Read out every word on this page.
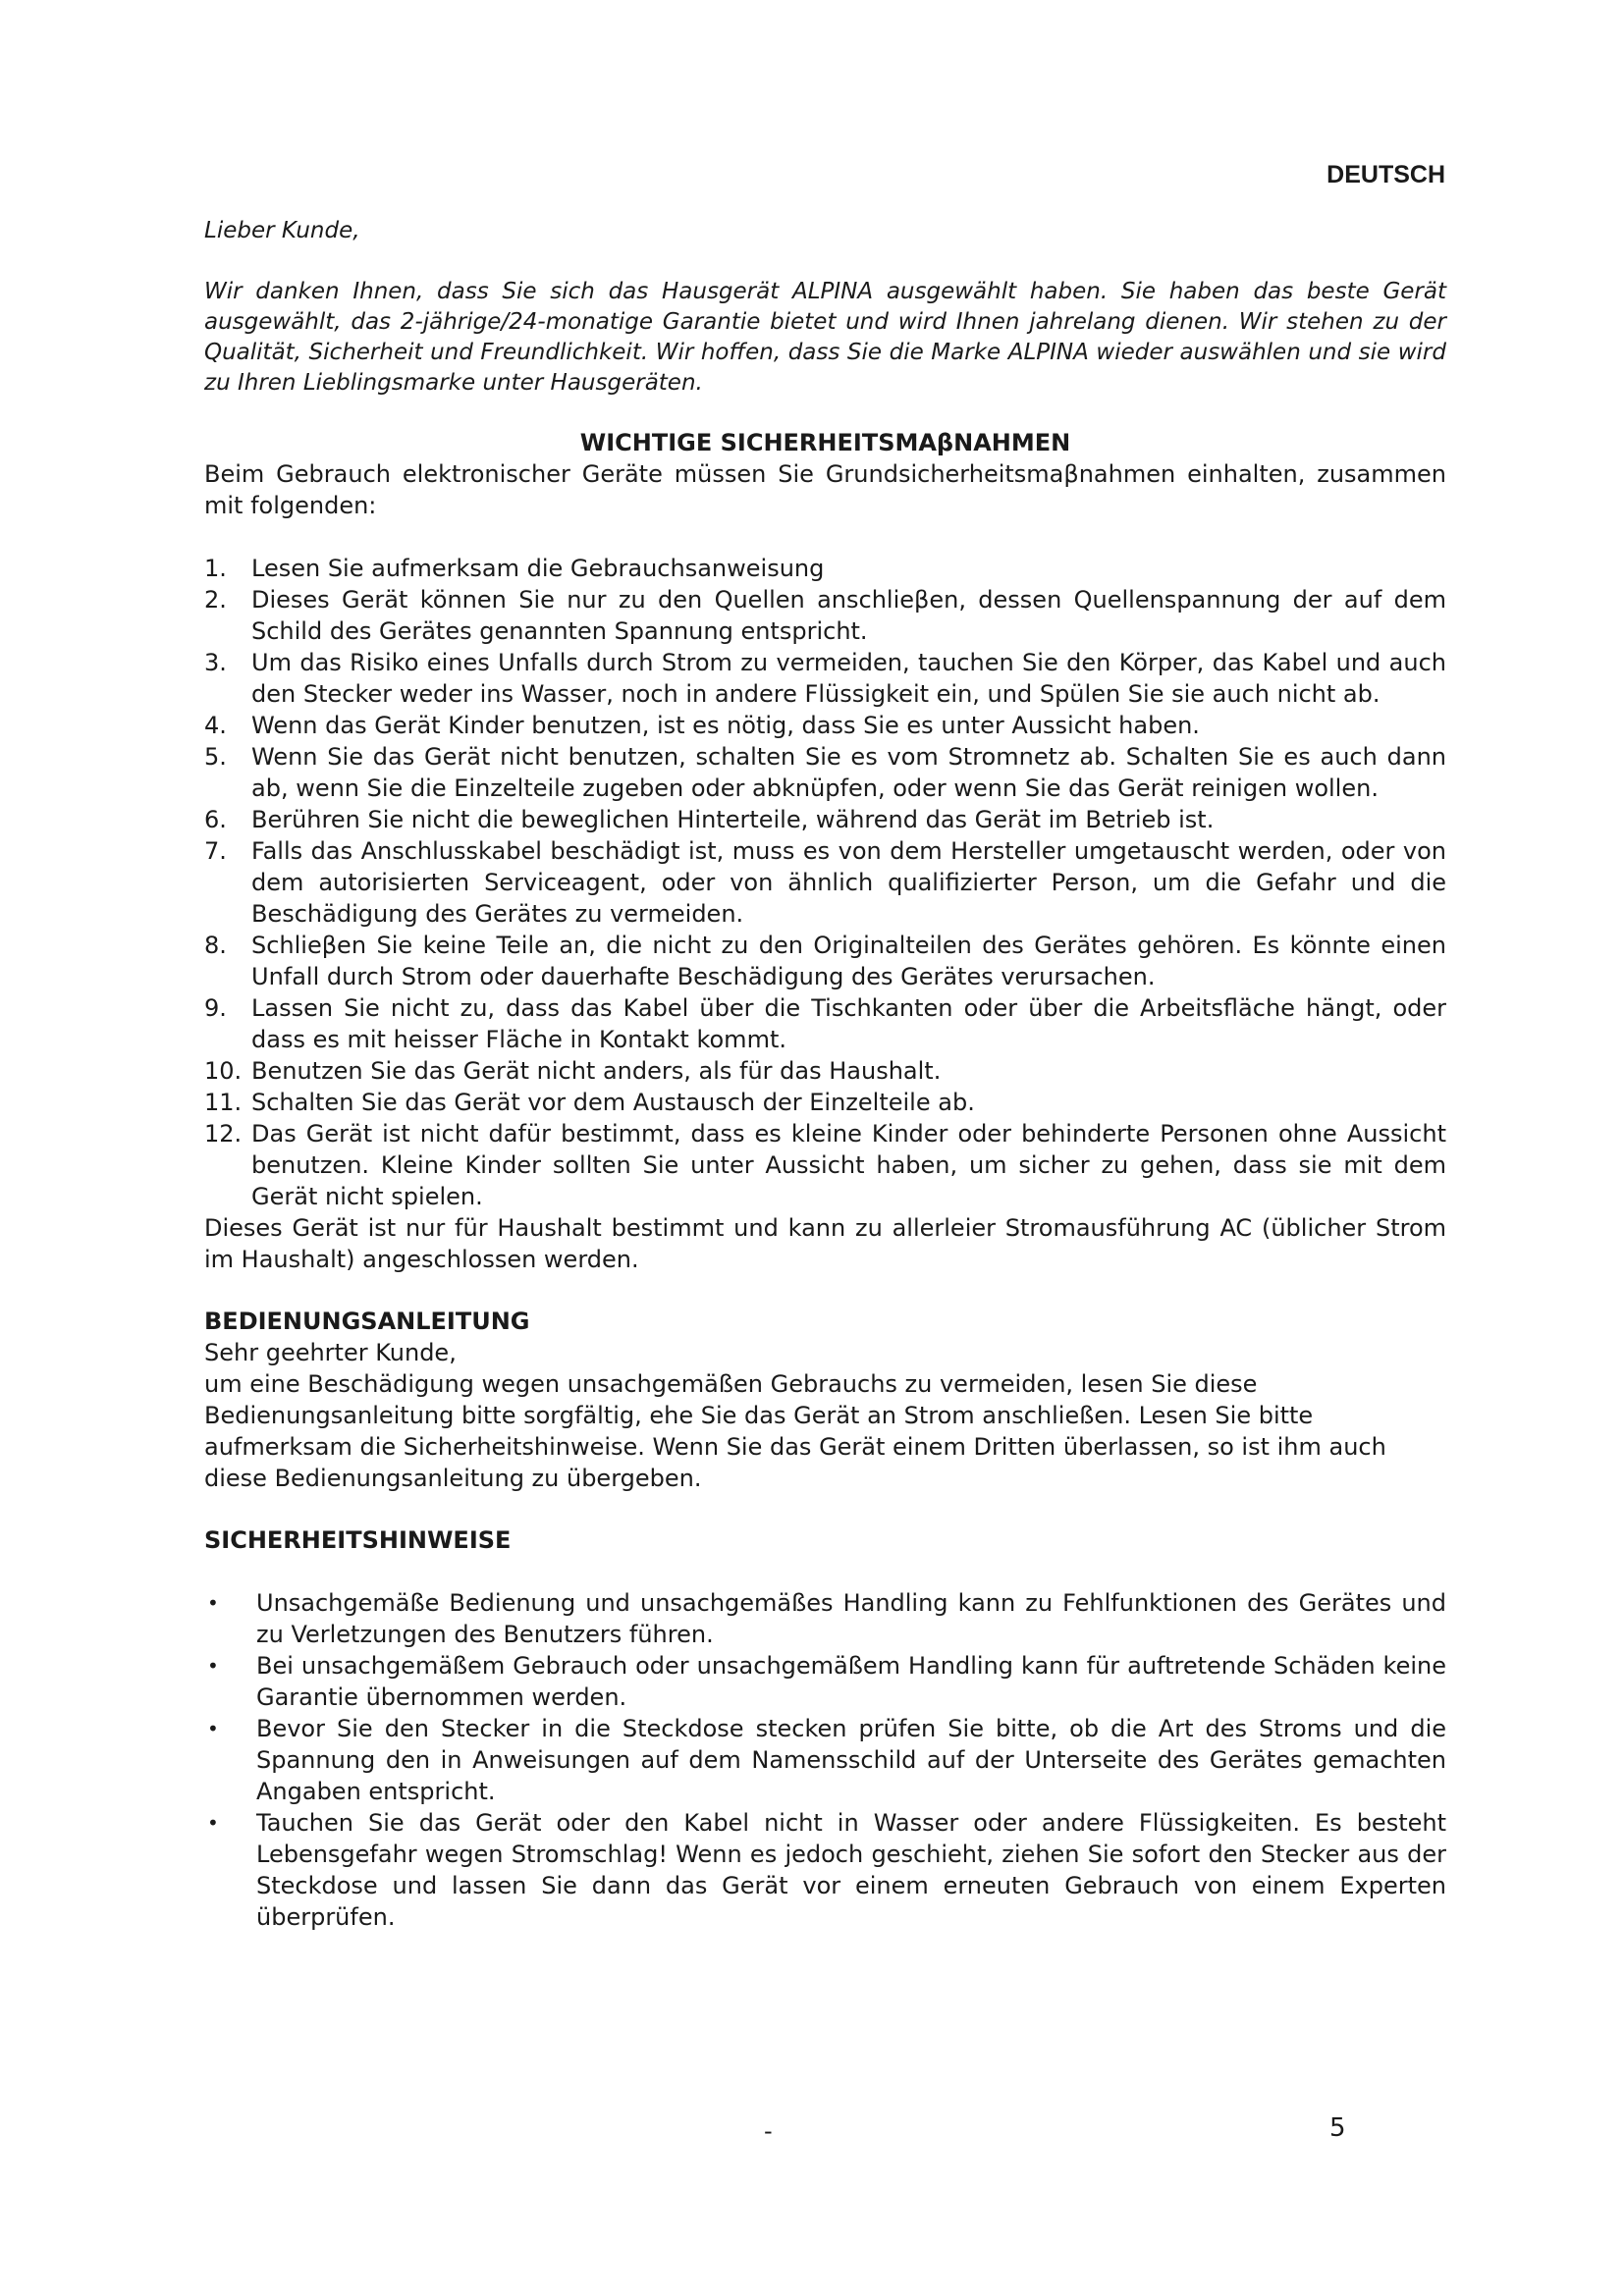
DEUTSCH

Lieber Kunde,

Wir danken Ihnen, dass Sie sich das Hausgerät ALPINA ausgewählt haben. Sie haben das beste Gerät ausgewählt, das 2-jährige/24-monatige Garantie bietet und wird Ihnen jahrelang dienen. Wir stehen zu der Qualität, Sicherheit und Freundlichkeit. Wir hoffen, dass Sie die Marke ALPINA wieder auswählen und sie wird zu Ihren Lieblingsmarke unter Hausgeräten.

WICHTIGE SICHERHEITSMAβNAHMEN

Beim Gebrauch elektronischer Geräte müssen Sie Grundsicherheitsmaβnahmen einhalten, zusammen mit folgenden:

1. Lesen Sie aufmerksam die Gebrauchsanweisung
2. Dieses Gerät können Sie nur zu den Quellen anschlieβen, dessen Quellenspannung der auf dem Schild des Gerätes genannten Spannung entspricht.
3. Um das Risiko eines Unfalls durch Strom zu vermeiden, tauchen Sie den Körper, das Kabel und auch den Stecker weder ins Wasser, noch in andere Flüssigkeit ein, und Spülen Sie sie auch nicht ab.
4. Wenn das Gerät Kinder benutzen, ist es nötig, dass Sie es unter Aussicht haben.
5. Wenn Sie das Gerät nicht benutzen, schalten Sie es vom Stromnetz ab. Schalten Sie es auch dann ab, wenn Sie die Einzelteile zugeben oder abknüpfen, oder wenn Sie das Gerät reinigen wollen.
6. Berühren Sie nicht die beweglichen Hinterteile, während das Gerät im Betrieb ist.
7. Falls das Anschlusskabel beschädigt ist, muss es von dem Hersteller umgetauscht werden, oder von dem autorisierten Serviceagent, oder von ähnlich qualifizierter Person, um die Gefahr und die Beschädigung des Gerätes zu vermeiden.
8. Schlieβen Sie keine Teile an, die nicht zu den Originalteilen des Gerätes gehören. Es könnte einen Unfall durch Strom oder dauerhafte Beschädigung des Gerätes verursachen.
9. Lassen Sie nicht zu, dass das Kabel über die Tischkanten oder über die Arbeitsfläche hängt, oder dass es mit heisser Fläche in Kontakt kommt.
10. Benutzen Sie das Gerät nicht anders, als für das Haushalt.
11. Schalten Sie das Gerät vor dem Austausch der Einzelteile ab.
12. Das Gerät ist nicht dafür bestimmt, dass es kleine Kinder oder behinderte Personen ohne Aussicht benutzen. Kleine Kinder sollten Sie unter Aussicht haben, um sicher zu gehen, dass sie mit dem Gerät nicht spielen.

Dieses Gerät ist nur für Haushalt bestimmt und kann zu allerleier Stromausführung AC (üblicher Strom im Haushalt) angeschlossen werden.

BEDIENUNGSANLEITUNG

Sehr geehrter Kunde,

um eine Beschädigung wegen unsachgemäßen Gebrauchs zu vermeiden, lesen Sie diese Bedienungsanleitung bitte sorgfältig, ehe Sie das Gerät an Strom anschließen. Lesen Sie bitte aufmerksam die Sicherheitshinweise. Wenn Sie das Gerät einem Dritten überlassen, so ist ihm auch diese Bedienungsanleitung zu übergeben.

SICHERHEITSHINWEISE
• Unsachgemäße Bedienung und unsachgemäßes Handling kann zu Fehlfunktionen des Gerätes und zu Verletzungen des Benutzers führen.
• Bei unsachgemäßem Gebrauch oder unsachgemäßem Handling kann für auftretende Schäden keine Garantie übernommen werden.
• Bevor Sie den Stecker in die Steckdose stecken prüfen Sie bitte, ob die Art des Stroms und die Spannung den in Anweisungen auf dem Namensschild auf der Unterseite des Gerätes gemachten Angaben entspricht.
• Tauchen Sie das Gerät oder den Kabel nicht in Wasser oder andere Flüssigkeiten. Es besteht Lebensgefahr wegen Stromschlag! Wenn es jedoch geschieht, ziehen Sie sofort den Stecker aus der Steckdose und lassen Sie dann das Gerät vor einem erneuten Gebrauch von einem Experten überprüfen.
-	5
